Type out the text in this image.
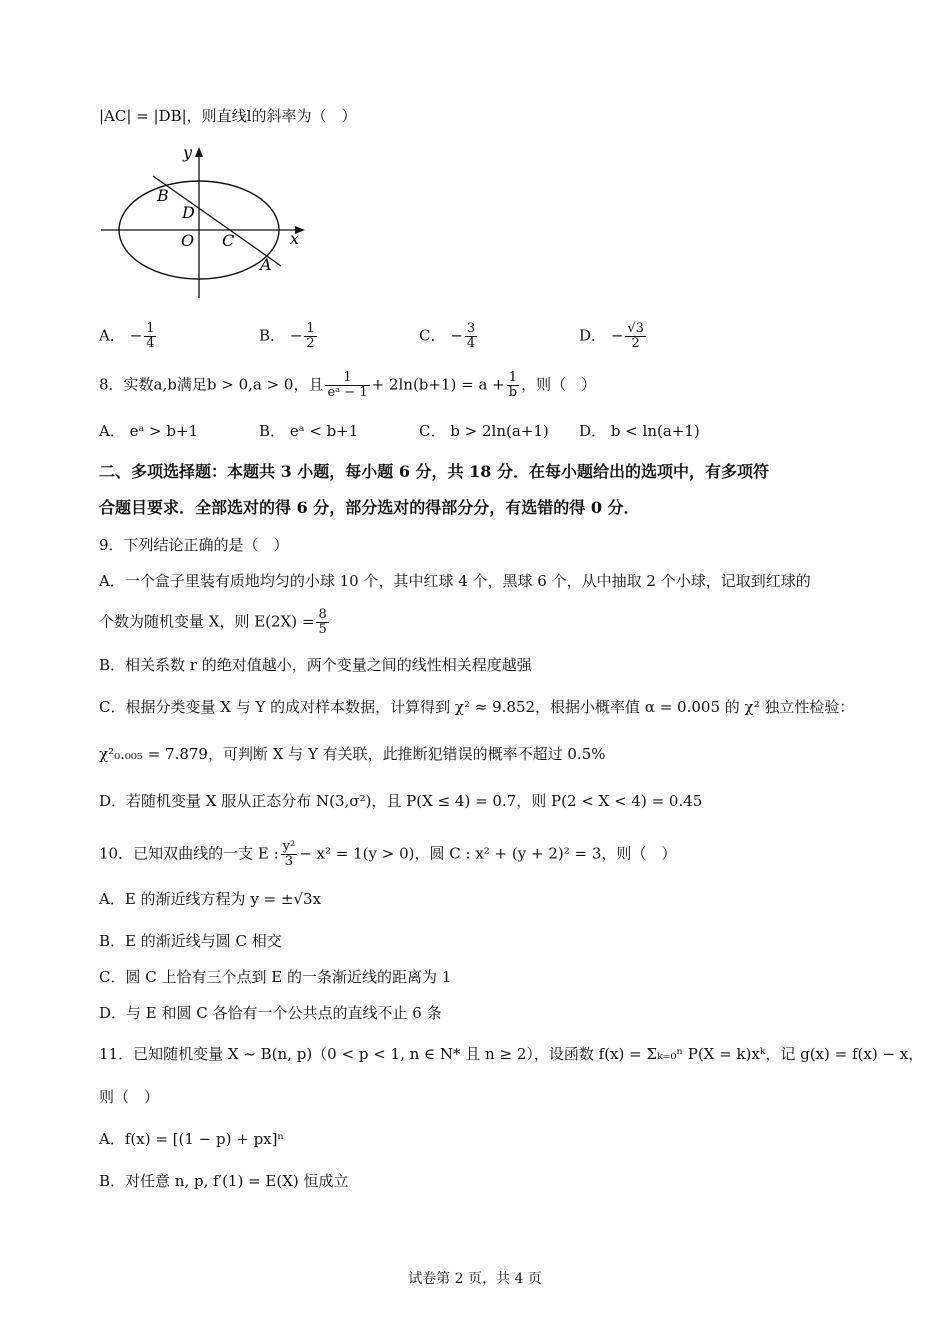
|AC| = |DB|，则直线l的斜率为（　）
y
x
B
D
O C
A
A． − $\frac{1}{4}$	B． − $\frac{1}{2}$	C． − $\frac{3}{4}$	D． − $\frac{√3}{2}$
8．实数a,b满足b > 0,a > 0，且 $\frac{1}{\text{eᵃ − 1}} + 2\ln(b+1) = a + \frac{1}{b}$ ，则（　）
A． eᵃ > b+1	B． eᵃ < b+1	C． b > 2ln(a+1) D． b < ln(a+1)
二、多项选择题：本题共 3 小题，每小题 6 分，共 18 分．在每小题给出的选项中，有多项符
合题目要求．全部选对的得 6 分，部分选对的得部分分，有选错的得 0 分．
9．下列结论正确的是（　）
A．一个盒子里装有质地均匀的小球 10 个，其中红球 4 个，黑球 6 个，从中抽取 2 个小球，记取到红球的
个数为随机变量 X，则 $E(2X) = \frac{8}{5}$
B．相关系数 r 的绝对值越小，两个变量之间的线性相关程度越强
C．根据分类变量 X 与 Y 的成对样本数据，计算得到 χ² ≈ 9.852，根据小概率值 α = 0.005 的 χ² 独立性检验：
χ²₀.₀₀₅ = 7.879，可判断 X 与 Y 有关联，此推断犯错误的概率不超过 0.5%
D．若随机变量 X 服从正态分布 N(3,σ²)，且 P(X ≤ 4) = 0.7，则 P(2 < X < 4) = 0.45
10．已知双曲线的一支 E : $\frac{\text{y²}}{3} - x^2 = 1(y > 0)$，圆 C : x² + (y + 2)² = 3，则（　）
A．E 的渐近线方程为 y = ±√3x
B．E 的渐近线与圆 C 相交
C．圆 C 上恰有三个点到 E 的一条渐近线的距离为 1
D．与 E 和圆 C 各恰有一个公共点的直线不止 6 条
11．已知随机变量 X ~ B(n, p)（0 < p < 1, n ∈ N* 且 n ≥ 2），设函数 f(x) = Σₖ₌₀ⁿ P(X = k)xᵏ，记 g(x) = f(x) − x，
则（　）
A．f(x) = [(1 − p) + px]ⁿ
B．对任意 n, p, f′(1) = E(X) 恒成立
试卷第 2 页，共 4 页
